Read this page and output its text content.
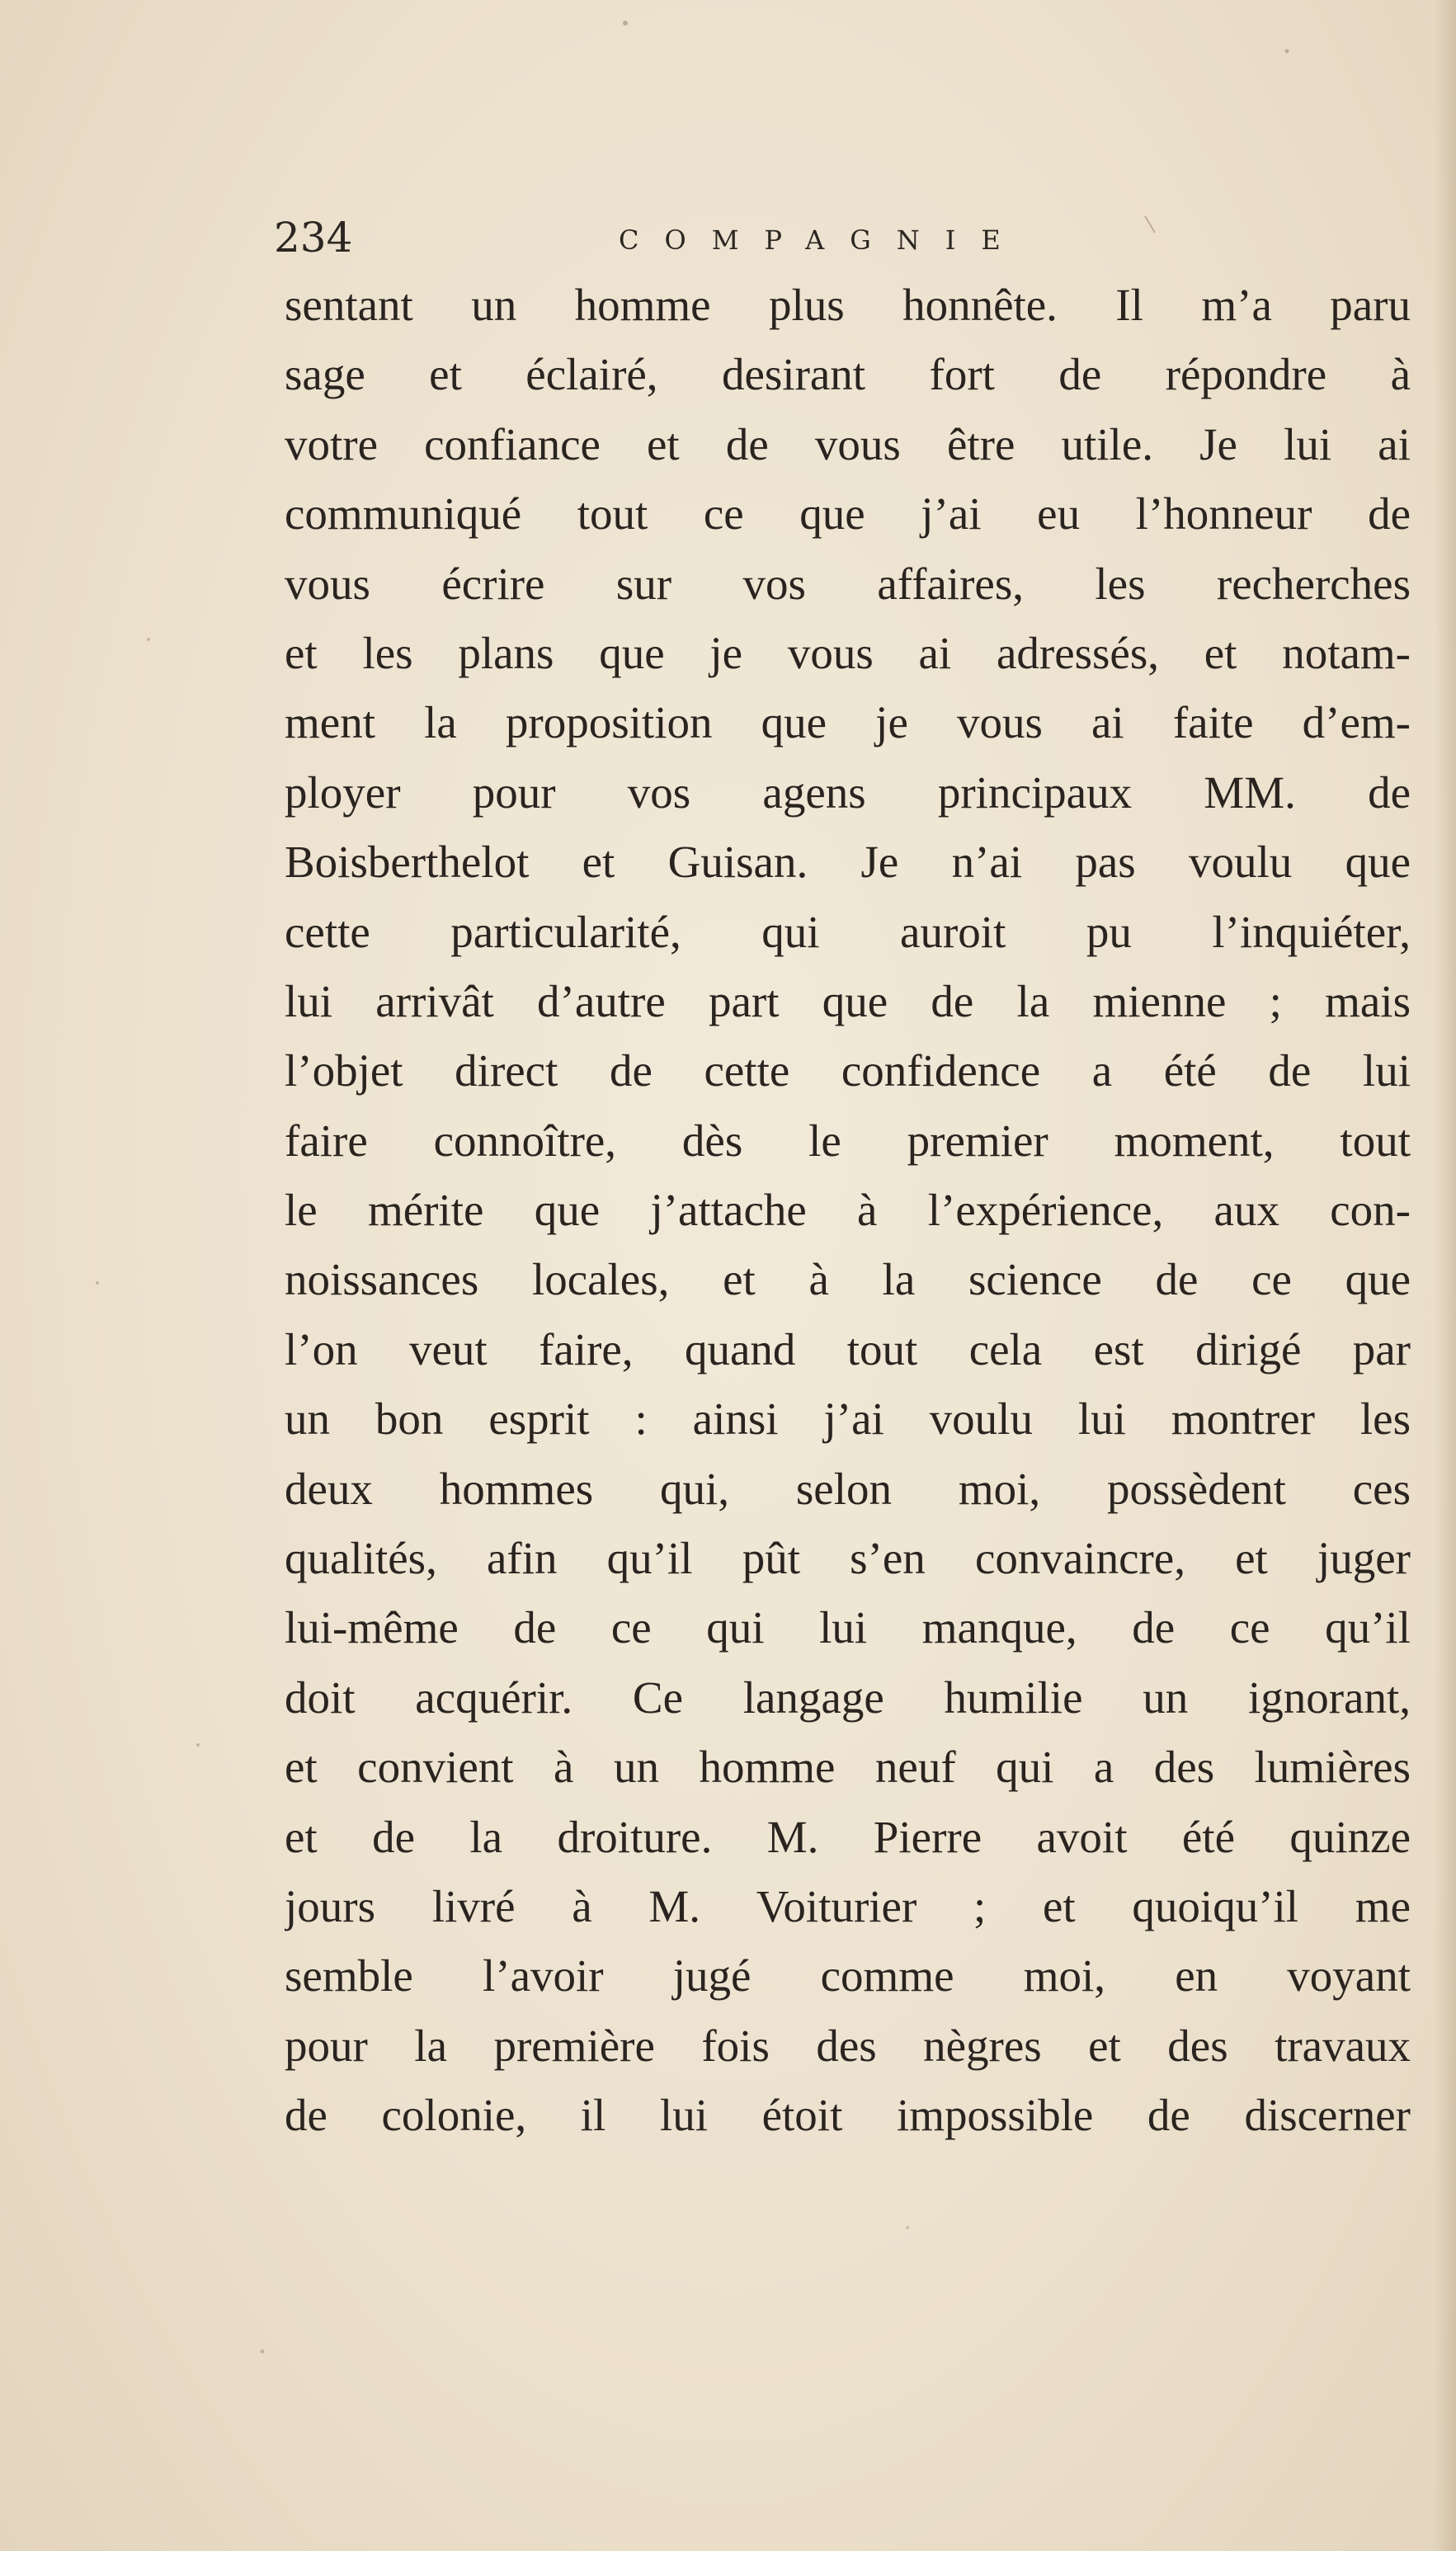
234	COMPAGNIE
sentant un homme plus honnête. Il m’a paru
sage et éclairé, desirant fort de répondre à
votre confiance et de vous être utile. Je lui ai
communiqué tout ce que j’ai eu l’honneur de
vous écrire sur vos affaires, les recherches
et les plans que je vous ai adressés, et notam-
ment la proposition que je vous ai faite d’em-
ployer pour vos agens principaux MM. de
Boisberthelot et Guisan. Je n’ai pas voulu que
cette particularité, qui auroit pu l’inquiéter,
lui arrivât d’autre part que de la mienne ; mais
l’objet direct de cette confidence a été de lui
faire connoître, dès le premier moment, tout
le mérite que j’attache à l’expérience, aux con-
noissances locales, et à la science de ce que
l’on veut faire, quand tout cela est dirigé par
un bon esprit : ainsi j’ai voulu lui montrer les
deux hommes qui, selon moi, possèdent ces
qualités, afin qu’il pût s’en convaincre, et juger
lui-même de ce qui lui manque, de ce qu’il
doit acquérir. Ce langage humilie un ignorant,
et convient à un homme neuf qui a des lumières
et de la droiture. M. Pierre avoit été quinze
jours livré à M. Voiturier ; et quoiqu’il me
semble l’avoir jugé comme moi, en voyant
pour la première fois des nègres et des travaux
de colonie, il lui étoit impossible de discerner
